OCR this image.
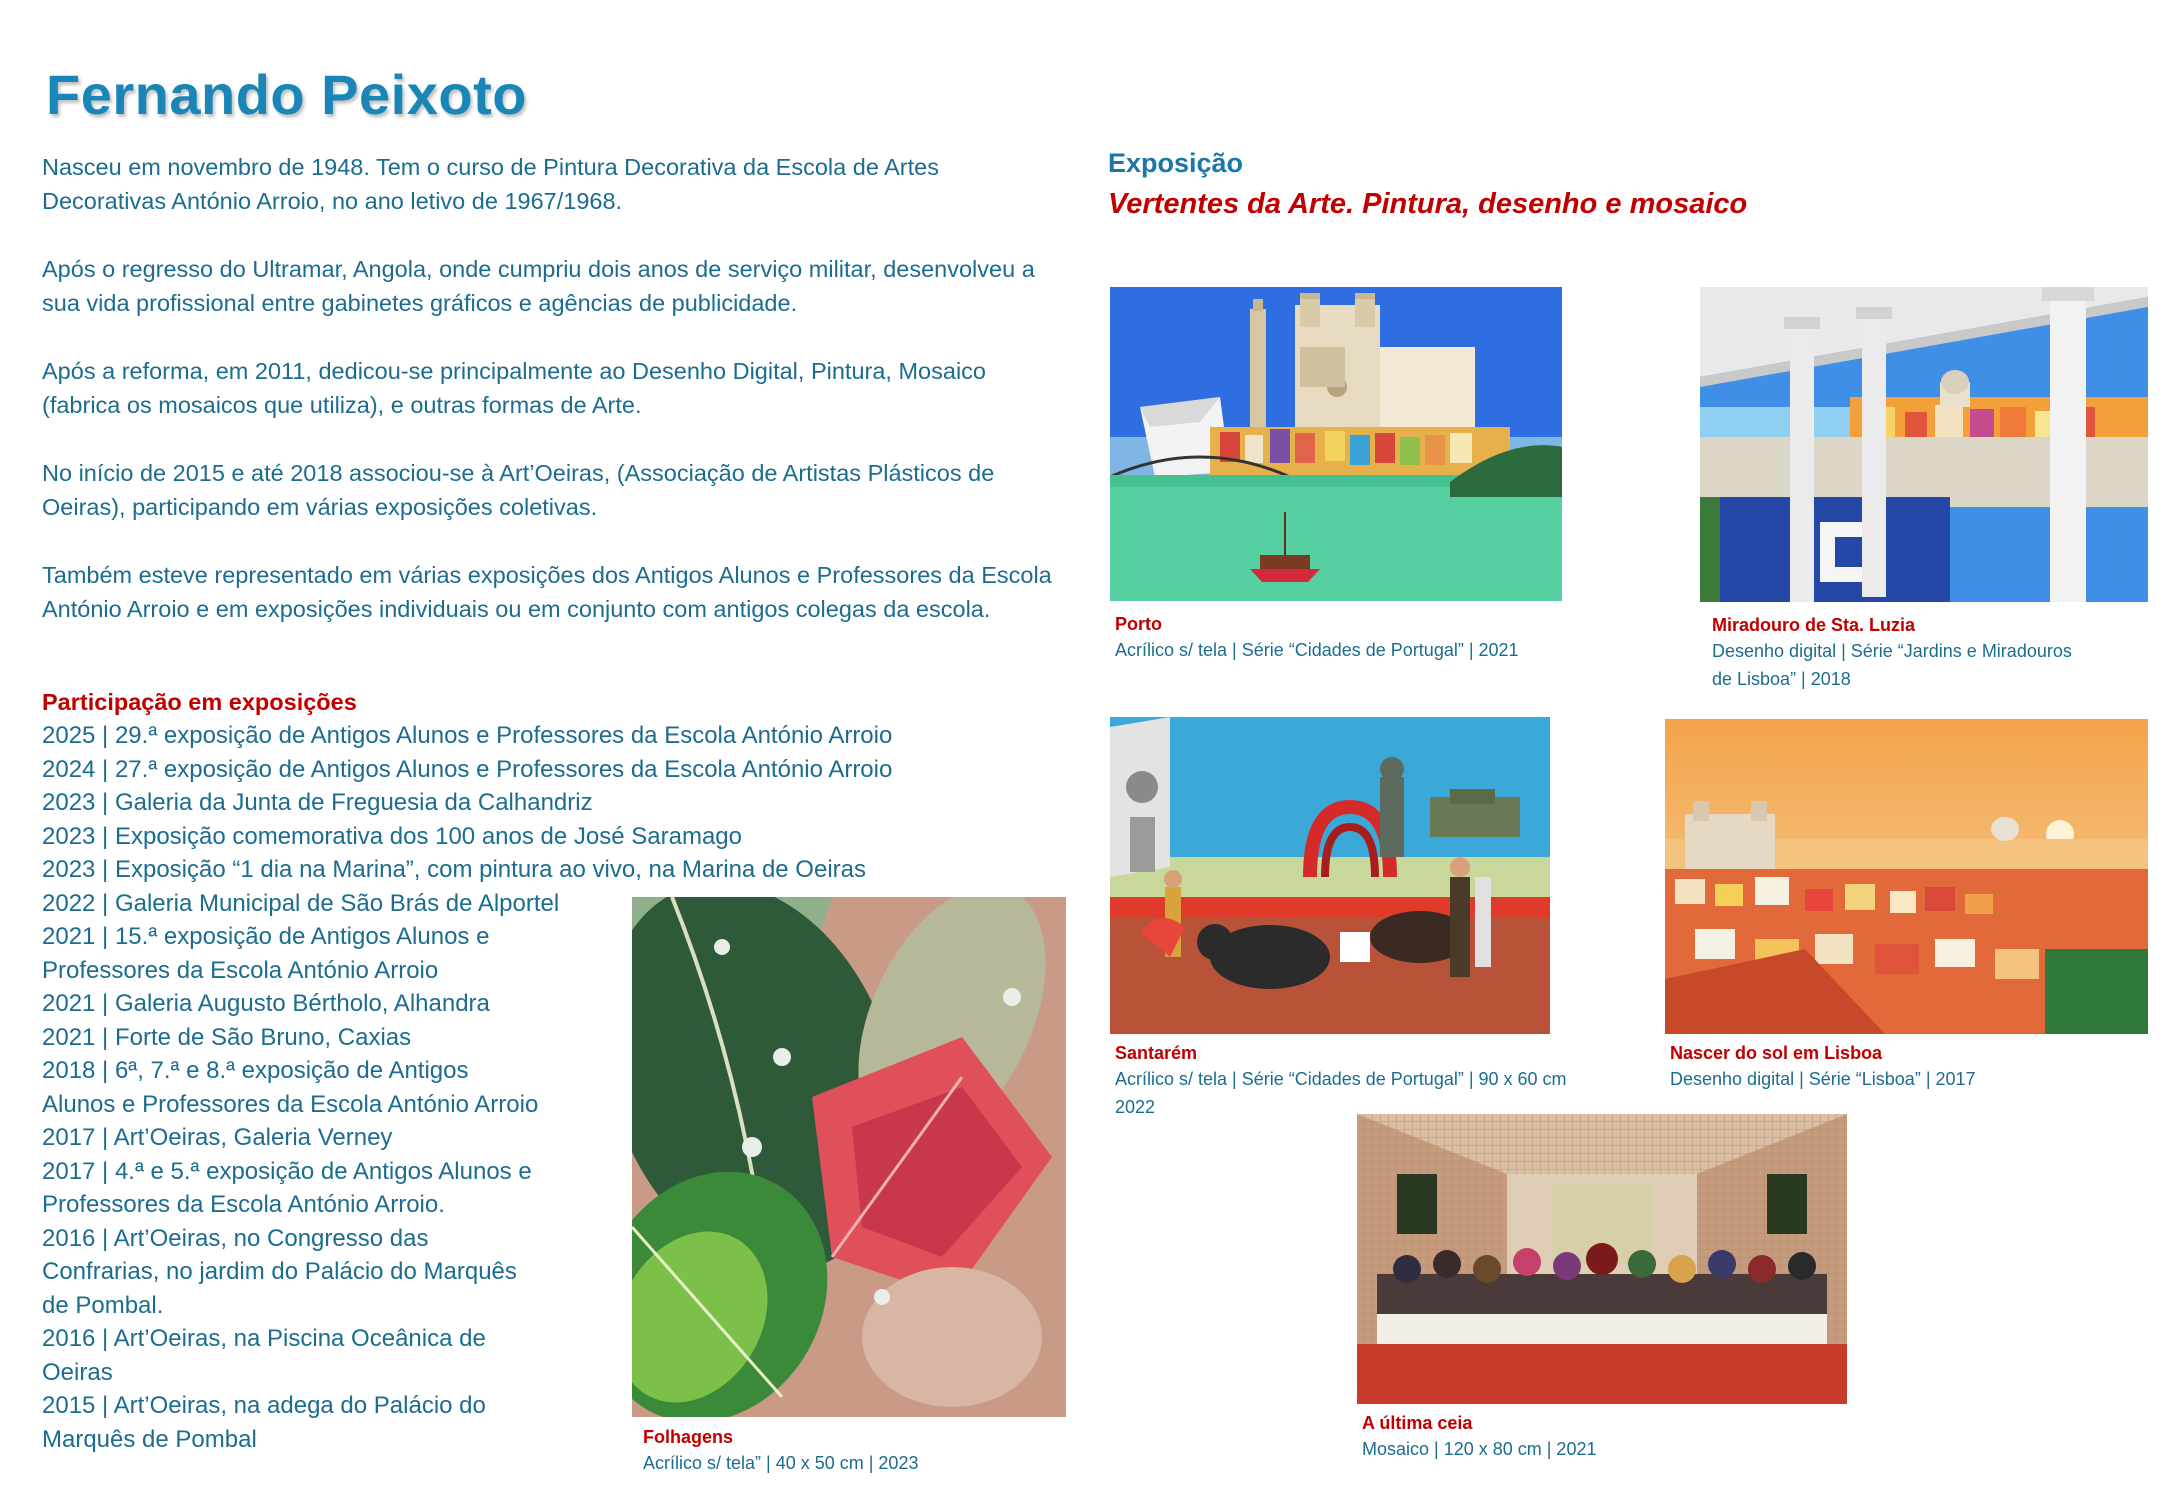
Fernando Peixoto

Nasceu em novembro de 1948. Tem o curso de Pintura Decorativa da Escola de Artes Decorativas António Arroio, no ano letivo de 1967/1968.

Após o regresso do Ultramar, Angola, onde cumpriu dois anos de serviço militar, desenvolveu a sua vida profissional entre gabinetes gráficos e agências de publicidade.

Após a reforma, em 2011, dedicou-se principalmente ao Desenho Digital, Pintura, Mosaico (fabrica os mosaicos que utiliza), e outras formas de Arte.

No início de 2015 e até 2018 associou-se à Art’Oeiras, (Associação de Artistas Plásticos de Oeiras), participando em várias exposições coletivas.

Também esteve representado em várias exposições dos Antigos Alunos e Professores da Escola António Arroio e em exposições individuais ou em conjunto com antigos colegas da escola.

Participação em exposições
2025 | 29.ª exposição de Antigos Alunos e Professores da Escola António Arroio
2024 | 27.ª exposição de Antigos Alunos e Professores da Escola António Arroio
2023 | Galeria da Junta de Freguesia da Calhandriz
2023 | Exposição comemorativa dos 100 anos de José Saramago
2023 | Exposição “1 dia na Marina”, com pintura ao vivo, na Marina de Oeiras
2022 | Galeria Municipal de São Brás de Alportel
2021 | 15.ª exposição de Antigos Alunos e
Professores da Escola António Arroio
2021 | Galeria Augusto Bértholo, Alhandra
2021 | Forte de São Bruno, Caxias
2018 | 6ª, 7.ª e 8.ª exposição de Antigos
Alunos e Professores da Escola António Arroio
2017 | Art’Oeiras, Galeria Verney
2017 | 4.ª e 5.ª exposição de Antigos Alunos e
Professores da Escola António Arroio.
2016 | Art’Oeiras, no Congresso das
Confrarias, no jardim do Palácio do Marquês
de Pombal.
2016 | Art’Oeiras, na Piscina Oceânica de
Oeiras
2015 | Art’Oeiras, na adega do Palácio do
Marquês de Pombal
Exposição
Vertentes da Arte. Pintura, desenho e mosaico
Porto
Acrílico s/ tela | Série “Cidades de Portugal” | 2021
Miradouro de Sta. Luzia
Desenho digital | Série “Jardins e Miradouros
de Lisboa” | 2018
Santarém
Acrílico s/ tela | Série “Cidades de Portugal” | 90 x 60 cm
2022
Nascer do sol em Lisboa
Desenho digital | Série “Lisboa” | 2017
A última ceia
Mosaico | 120 x 80 cm | 2021
Folhagens
Acrílico s/ tela” | 40 x 50 cm | 2023
